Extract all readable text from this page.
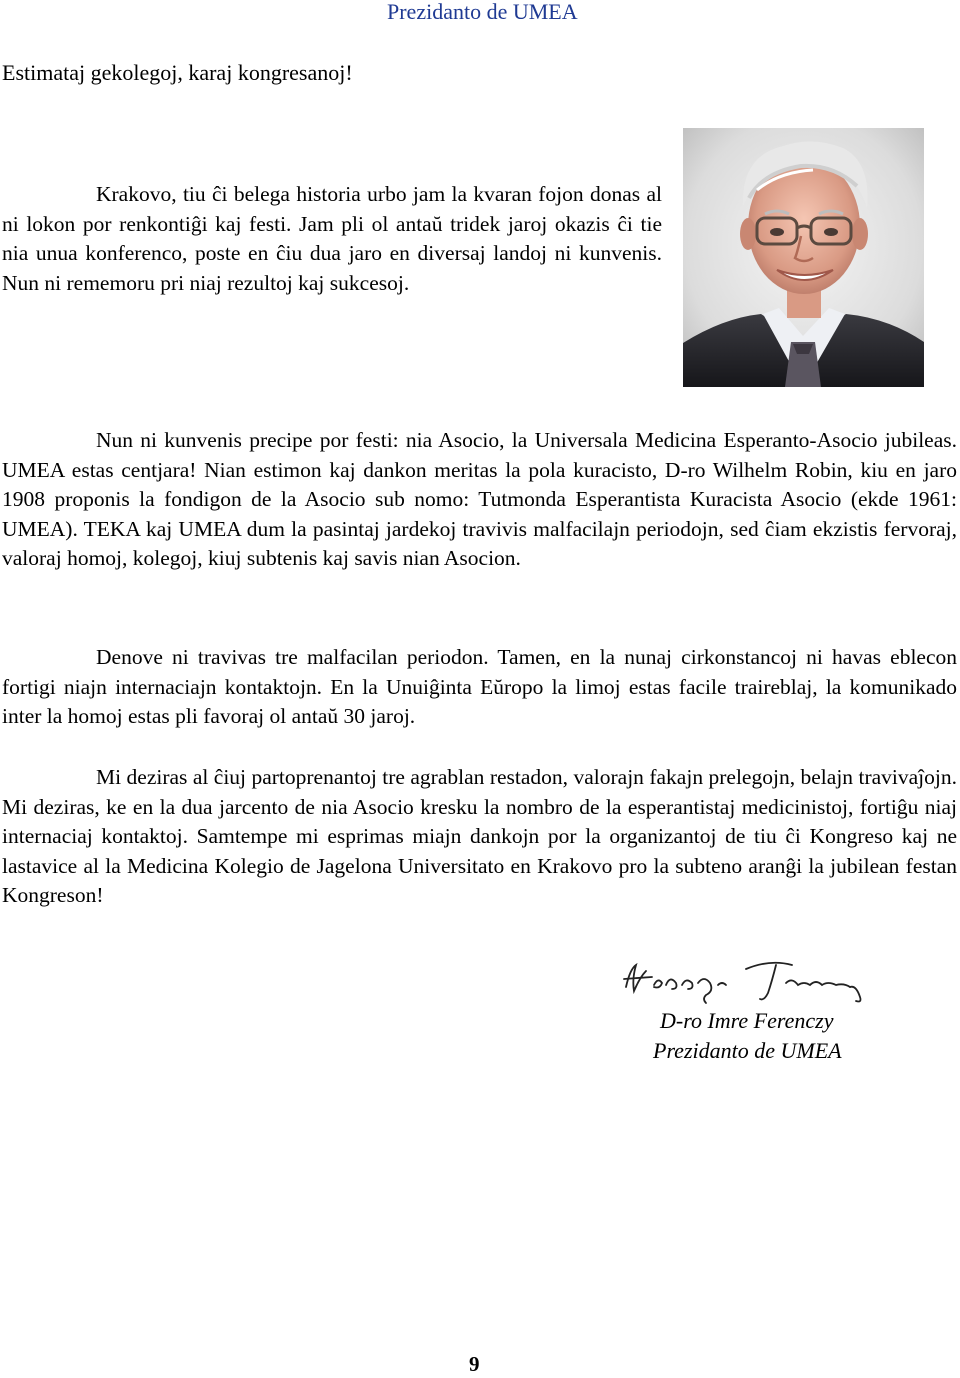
Prezidanto de UMEA
Estimataj gekolegoj, karaj kongresanoj!
Krakovo, tiu ĉi belega historia urbo jam la kvaran fojon donas al ni lokon por renkontiĝi kaj festi. Jam pli ol antaŭ tridek jaroj okazis ĉi tie nia unua konferenco, poste en ĉiu dua jaro en diversaj landoj ni kunvenis. Nun ni rememoru pri niaj rezultoj kaj sukcesoj.
Nun ni kunvenis precipe por festi: nia Asocio, la Universala Medicina Esperanto-Asocio jubileas. UMEA estas centjara! Nian estimon kaj dankon meritas la pola kuracisto, D-ro Wilhelm Robin, kiu en jaro 1908 proponis la fondigon de la Asocio sub nomo: Tutmonda Esperantista Kuracista Asocio (ekde 1961: UMEA). TEKA kaj UMEA dum la pasintaj jardekoj travivis malfacilajn periodojn, sed ĉiam ekzistis fervoraj, valoraj homoj, kolegoj, kiuj subtenis kaj savis nian Asocion.
Denove ni travivas tre malfacilan periodon. Tamen, en la nunaj cirkonstancoj ni havas eblecon fortigi niajn internaciajn kontaktojn. En la Unuiĝinta Eŭropo la limoj estas facile traireblaj, la komunikado inter la homoj estas pli favoraj ol antaŭ 30 jaroj.
Mi deziras al ĉiuj partoprenantoj tre agrablan restadon, valorajn fakajn prelegojn, belajn travivaĵojn. Mi deziras, ke en la dua jarcento de nia Asocio kresku la nombro de la esperantistaj medicinistoj, fortiĝu niaj internaciaj kontaktoj. Samtempe mi esprimas miajn dankojn por la organizantoj de tiu ĉi Kongreso kaj ne lastavice al la Medicina Kolegio de Jagelona Universitato en Krakovo pro la subteno aranĝi la jubilean festan Kongreson!
D-ro Imre Ferenczy
Prezidanto de UMEA
9
